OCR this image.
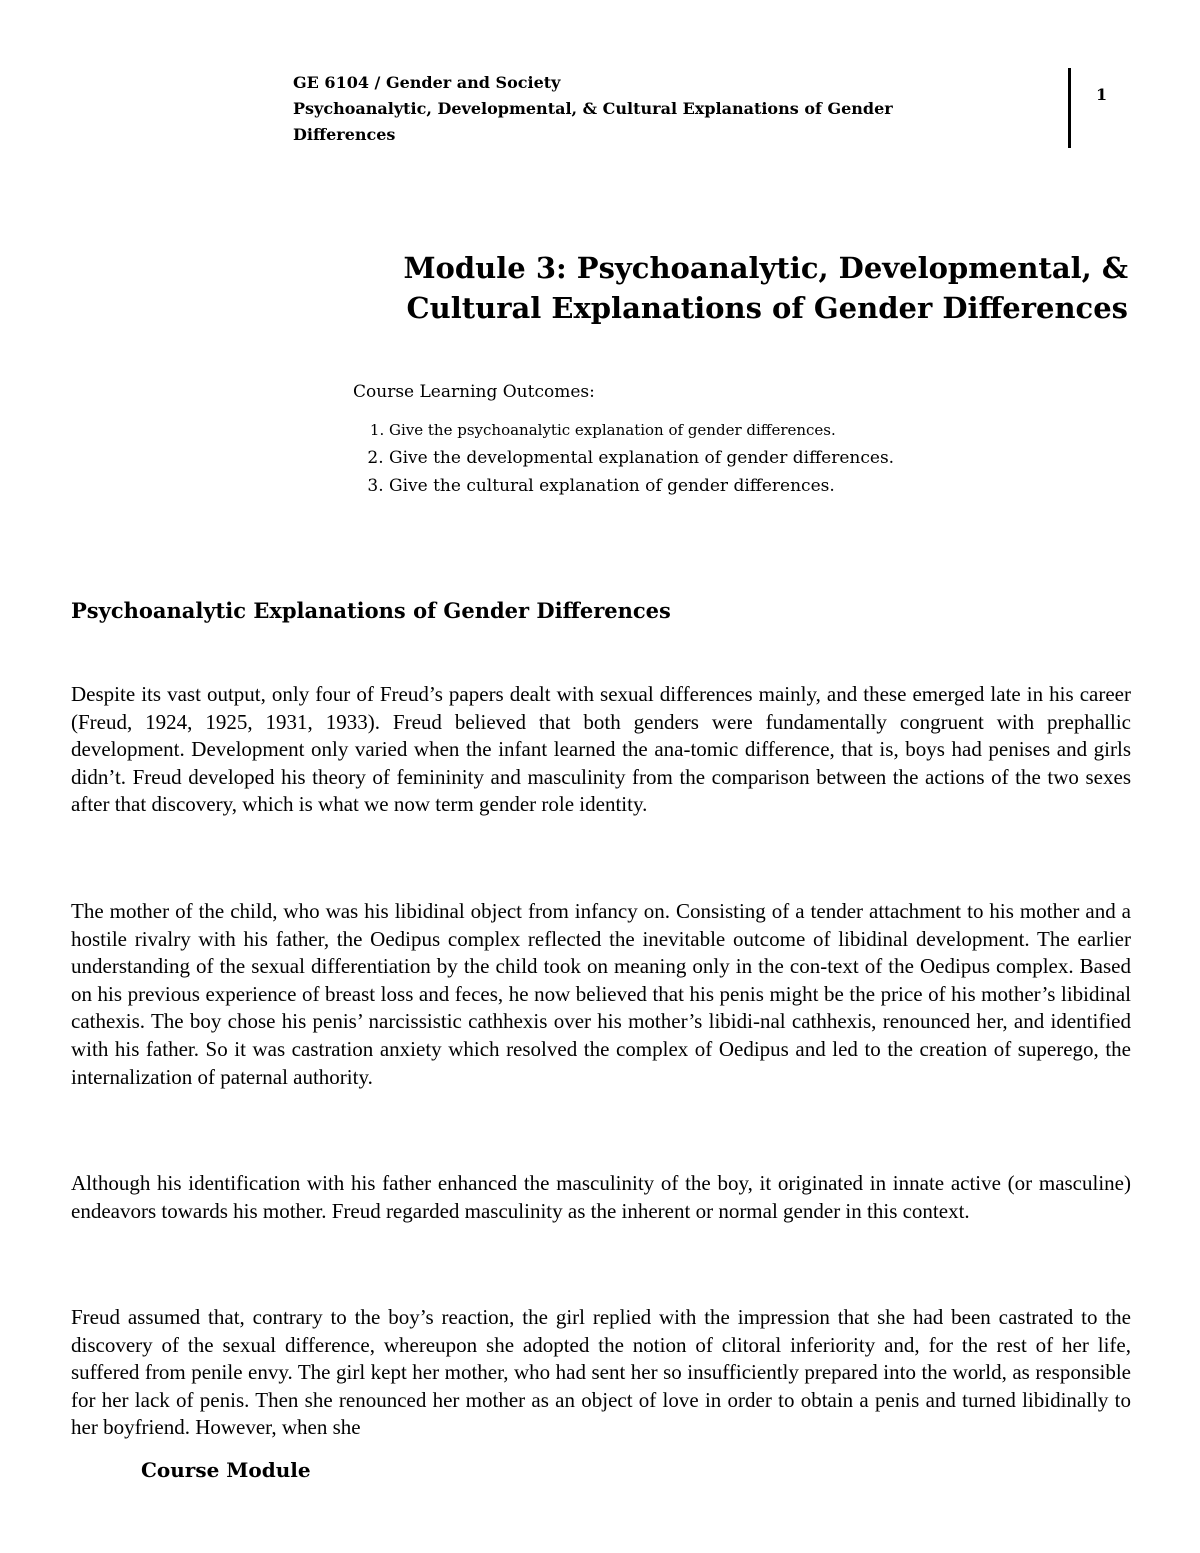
GE 6104 / Gender and Society
Psychoanalytic, Developmental, & Cultural Explanations of Gender
Differences
1
Module 3: Psychoanalytic, Developmental, &
Cultural Explanations of Gender Differences
Course Learning Outcomes:
1. Give the psychoanalytic explanation of gender differences.
2. Give the developmental explanation of gender differences.
3. Give the cultural explanation of gender differences.
Psychoanalytic Explanations of Gender Differences

Despite its vast output, only four of Freud’s papers dealt with sexual differences mainly, and these emerged late in his career (Freud, 1924, 1925, 1931, 1933). Freud believed that both genders were fundamentally congruent with prephallic development. Development only varied when the infant learned the ana-tomic difference, that is, boys had penises and girls didn’t. Freud developed his theory of femininity and masculinity from the comparison between the actions of the two sexes after that discovery, which is what we now term gender role identity.

The mother of the child, who was his libidinal object from infancy on. Consisting of a tender attachment to his mother and a hostile rivalry with his father, the Oedipus complex reflected the inevitable outcome of libidinal development. The earlier understanding of the sexual differentiation by the child took on meaning only in the con-text of the Oedipus complex. Based on his previous experience of breast loss and feces, he now believed that his penis might be the price of his mother’s libidinal cathexis. The boy chose his penis’ narcissistic cathhexis over his mother’s libidi-nal cathhexis, renounced her, and identified with his father. So it was castration anxiety which resolved the complex of Oedipus and led to the creation of superego, the internalization of paternal authority.

Although his identification with his father enhanced the masculinity of the boy, it originated in innate active (or masculine) endeavors towards his mother. Freud regarded masculinity as the inherent or normal gender in this context.

Freud assumed that, contrary to the boy’s reaction, the girl replied with the impression that she had been castrated to the discovery of the sexual difference, whereupon she adopted the notion of clitoral inferiority and, for the rest of her life, suffered from penile envy. The girl kept her mother, who had sent her so insufficiently prepared into the world, as responsible for her lack of penis. Then she renounced her mother as an object of love in order to obtain a penis and turned libidinally to her boyfriend. However, when she

Course Module
